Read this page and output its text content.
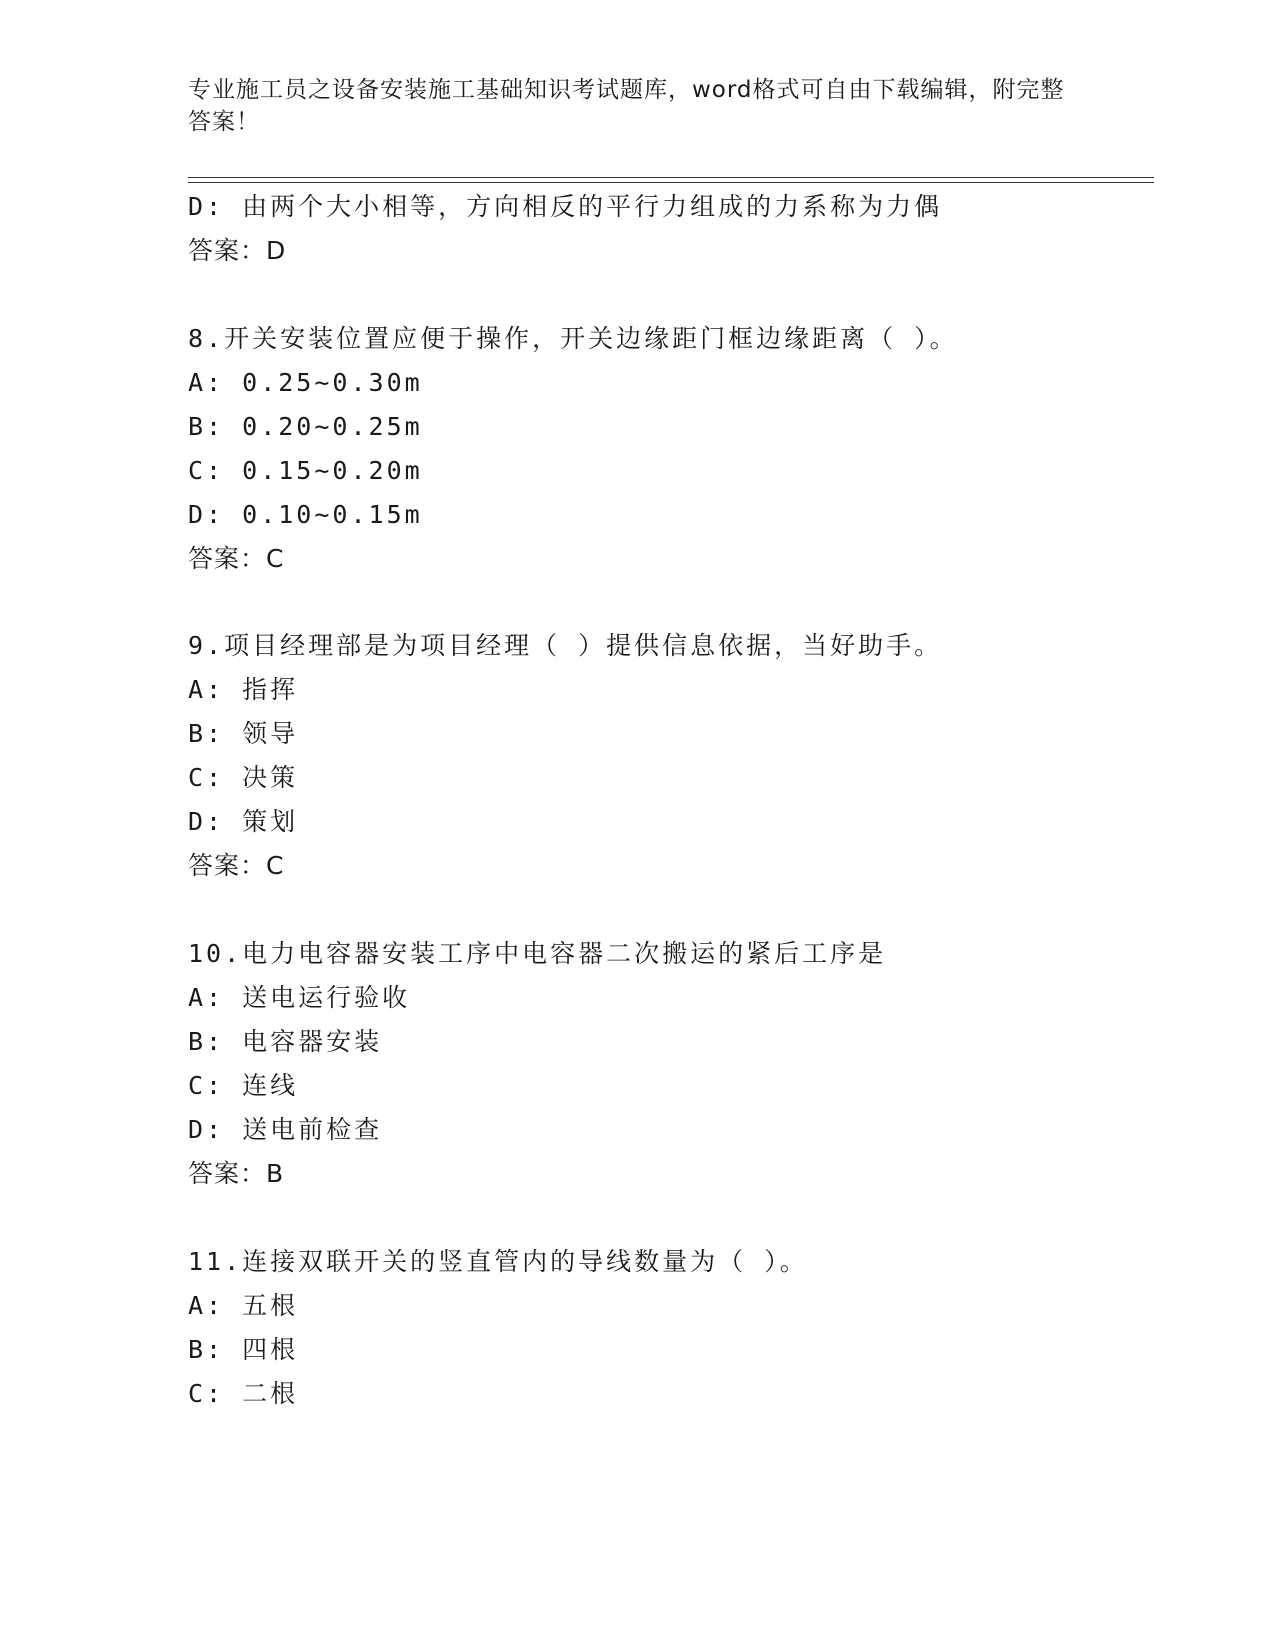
专业施工员之设备安装施工基础知识考试题库，word格式可自由下载编辑，附完整答案！

D: 由两个大小相等，方向相反的平行力组成的力系称为力偶

答案：D

8.开关安装位置应便于操作，开关边缘距门框边缘距离（ ）。

A: 0.25~0.30m

B: 0.20~0.25m

C: 0.15~0.20m

D: 0.10~0.15m

答案：C

9.项目经理部是为项目经理（ ）提供信息依据，当好助手。

A: 指挥

B: 领导

C: 决策

D: 策划

答案：C

10.电力电容器安装工序中电容器二次搬运的紧后工序是

A: 送电运行验收

B: 电容器安装

C: 连线

D: 送电前检查

答案：B

11.连接双联开关的竖直管内的导线数量为（ ）。

A: 五根

B: 四根

C: 二根
